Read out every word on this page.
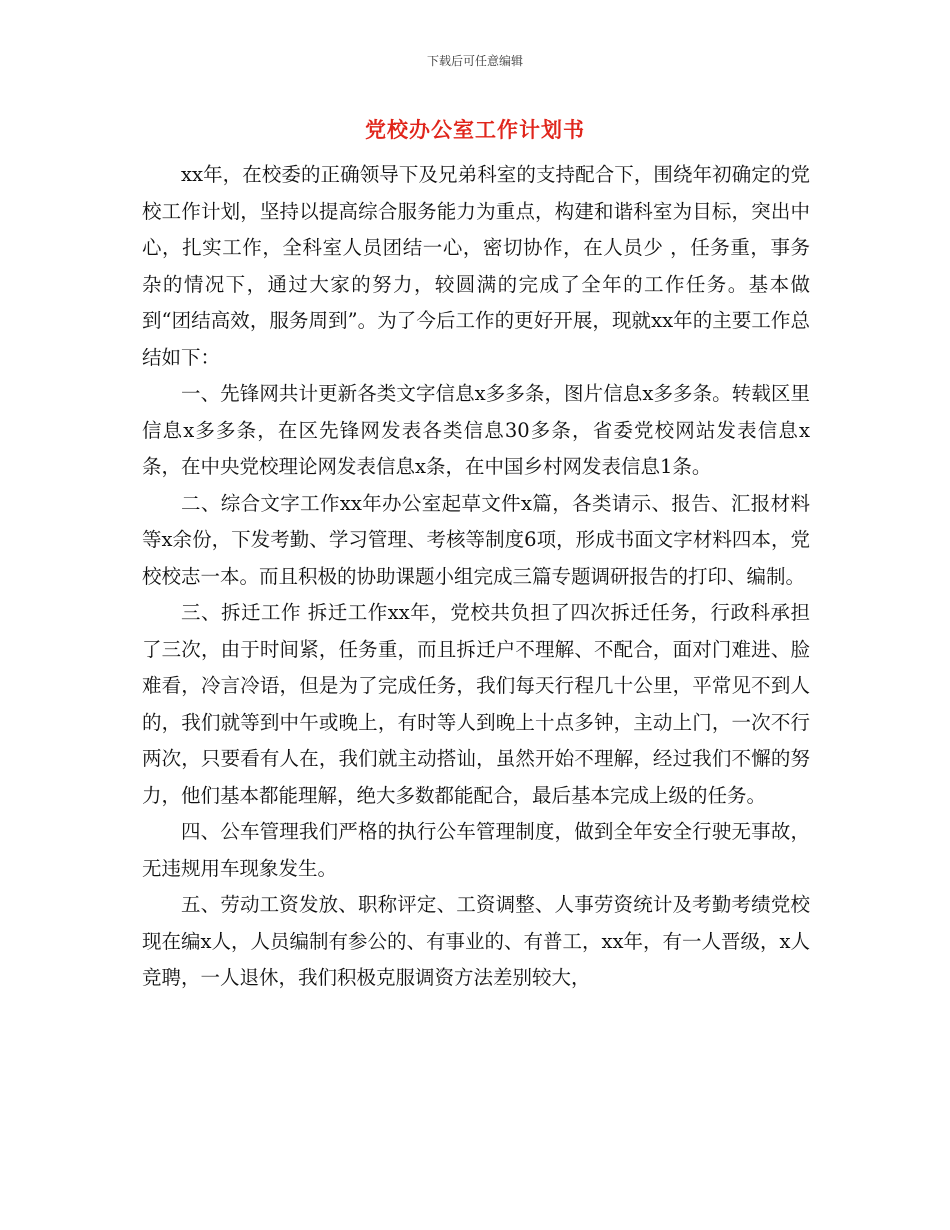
下载后可任意编辑
党校办公室工作计划书

xx年，在校委的正确领导下及兄弟科室的支持配合下，围绕年初确定的党校工作计划，坚持以提高综合服务能力为重点，构建和谐科室为目标，突出中心，扎实工作，全科室人员团结一心，密切协作，在人员少 ，任务重，事务杂的情况下，通过大家的努力，较圆满的完成了全年的工作任务。基本做到“团结高效，服务周到”。为了今后工作的更好开展，现就xx年的主要工作总结如下：

一、先锋网共计更新各类文字信息x多多条，图片信息x多多条。转载区里信息x多多条，在区先锋网发表各类信息30多条，省委党校网站发表信息x条，在中央党校理论网发表信息x条，在中国乡村网发表信息1条。

二、综合文字工作xx年办公室起草文件x篇，各类请示、报告、汇报材料等x余份，下发考勤、学习管理、考核等制度6项，形成书面文字材料四本，党校校志一本。而且积极的协助课题小组完成三篇专题调研报告的打印、编制。

三、拆迁工作 拆迁工作xx年，党校共负担了四次拆迁任务，行政科承担了三次，由于时间紧，任务重，而且拆迁户不理解、不配合，面对门难进、脸难看，冷言冷语，但是为了完成任务，我们每天行程几十公里，平常见不到人的，我们就等到中午或晚上，有时等人到晚上十点多钟，主动上门，一次不行两次，只要看有人在，我们就主动搭讪，虽然开始不理解，经过我们不懈的努力，他们基本都能理解，绝大多数都能配合，最后基本完成上级的任务。

四、公车管理我们严格的执行公车管理制度，做到全年安全行驶无事故，无违规用车现象发生。

五、劳动工资发放、职称评定、工资调整、人事劳资统计及考勤考绩党校现在编x人，人员编制有参公的、有事业的、有普工，xx年，有一人晋级，x人竞聘，一人退休，我们积极克服调资方法差别较大，
